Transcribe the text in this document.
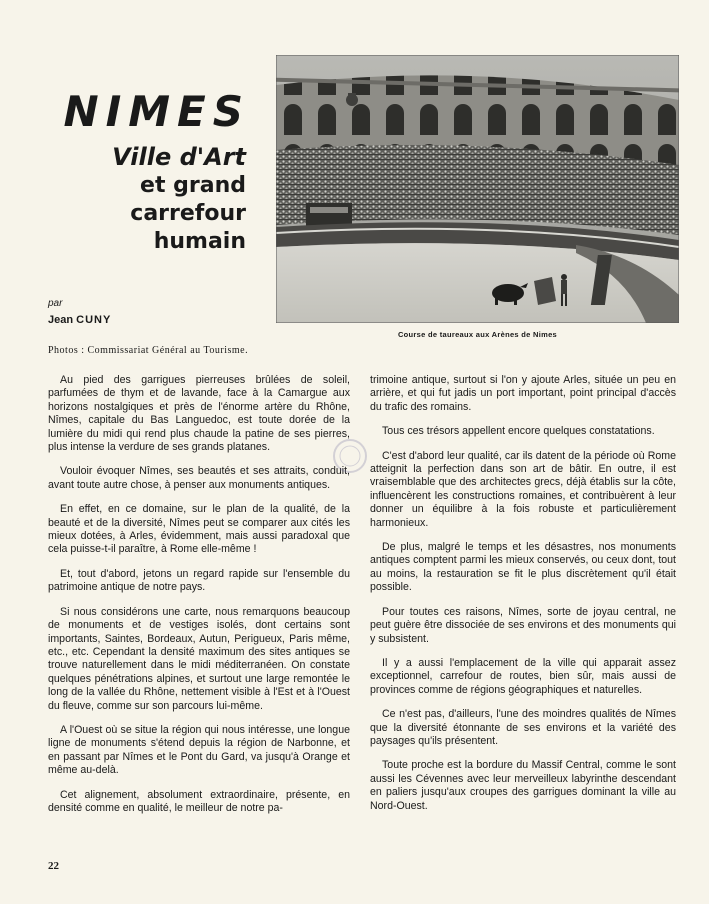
NIMES
Ville d'Art
et grand carrefour humain
par
Jean CUNY
Photos : Commissariat Général au Tourisme.
Course de taureaux aux Arènes de Nimes

Au pied des garrigues pierreuses brûlées de soleil, parfumées de thym et de lavande, face à la Camargue aux horizons nostalgiques et près de l'énorme artère du Rhône, Nîmes, capitale du Bas Languedoc, est toute dorée de la lumière du midi qui rend plus chaude la patine de ses pierres, plus intense la verdure de ses grands platanes.

Vouloir évoquer Nîmes, ses beautés et ses attraits, conduit, avant toute autre chose, à penser aux monuments antiques.

En effet, en ce domaine, sur le plan de la qualité, de la beauté et de la diversité, Nîmes peut se comparer aux cités les mieux dotées, à Arles, évidemment, mais aussi paradoxal que cela puisse-t-il paraître, à Rome elle-même !

Et, tout d'abord, jetons un regard rapide sur l'ensemble du patrimoine antique de notre pays.

Si nous considérons une carte, nous remarquons beaucoup de monuments et de vestiges isolés, dont certains sont importants, Saintes, Bordeaux, Autun, Perigueux, Paris même, etc., etc. Cependant la densité maximum des sites antiques se trouve naturellement dans le midi méditerranéen. On constate quelques pénétrations alpines, et surtout une large remontée le long de la vallée du Rhône, nettement visible à l'Est et à l'Ouest du fleuve, comme sur son parcours lui-même.

A l'Ouest où se situe la région qui nous intéresse, une longue ligne de monuments s'étend depuis la région de Narbonne, et en passant par Nîmes et le Pont du Gard, va jusqu'à Orange et même au-delà.

Cet alignement, absolument extraordinaire, présente, en densité comme en qualité, le meilleur de notre pa-

trimoine antique, surtout si l'on y ajoute Arles, située un peu en arrière, et qui fut jadis un port important, point principal d'accès du trafic des romains.

Tous ces trésors appellent encore quelques constatations.

C'est d'abord leur qualité, car ils datent de la période où Rome atteignit la perfection dans son art de bâtir. En outre, il est vraisemblable que des architectes grecs, déjà établis sur la côte, influencèrent les constructions romaines, et contribuèrent à leur donner un équilibre à la fois robuste et particulièrement harmonieux.

De plus, malgré le temps et les désastres, nos monuments antiques comptent parmi les mieux conservés, ou ceux dont, tout au moins, la restauration se fit le plus discrètement qu'il était possible.

Pour toutes ces raisons, Nîmes, sorte de joyau central, ne peut guère être dissociée de ses environs et des monuments qui y subsistent.

Il y a aussi l'emplacement de la ville qui apparait assez exceptionnel, carrefour de routes, bien sûr, mais aussi de provinces comme de régions géographiques et naturelles.

Ce n'est pas, d'ailleurs, l'une des moindres qualités de Nîmes que la diversité étonnante de ses environs et la variété des paysages qu'ils présentent.

Toute proche est la bordure du Massif Central, comme le sont aussi les Cévennes avec leur merveilleux labyrinthe descendant en paliers jusqu'aux croupes des garrigues dominant la ville au Nord-Ouest.

22
